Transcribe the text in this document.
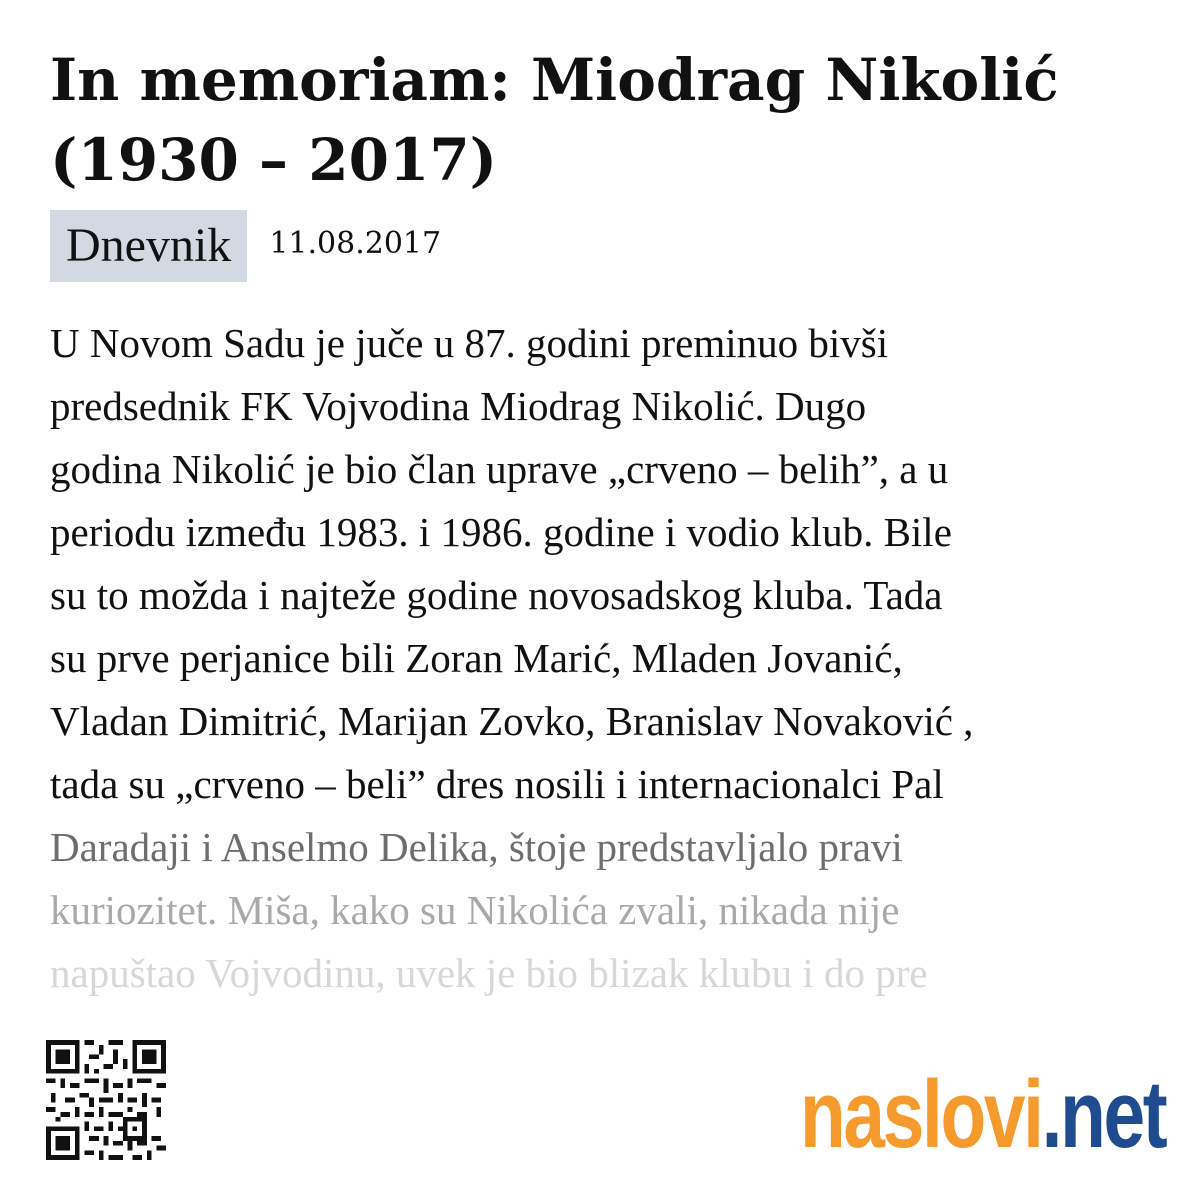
In memoriam: Miodrag Nikolić (1930 – 2017)
Dnevnik	11.08.2017
U Novom Sadu je juče u 87. godini preminuo bivši
predsednik FK Vojvodina Miodrag Nikolić. Dugo
godina Nikolić je bio član uprave „crveno – belih”, a u
periodu između 1983. i 1986. godine i vodio klub. Bile
su to možda i najteže godine novosadskog kluba. Tada
su prve perjanice bili Zoran Marić, Mladen Jovanić,
Vladan Dimitrić, Marijan Zovko, Branislav Novaković ,
tada su „crveno – beli” dres nosili i internacionalci Pal
Daradaji i Anselmo Delika, štoje predstavljalo pravi
kuriozitet. Miša, kako su Nikolića zvali, nikada nije
napuštao Vojvodinu, uvek je bio blizak klubu i do pre
naslovi.net
